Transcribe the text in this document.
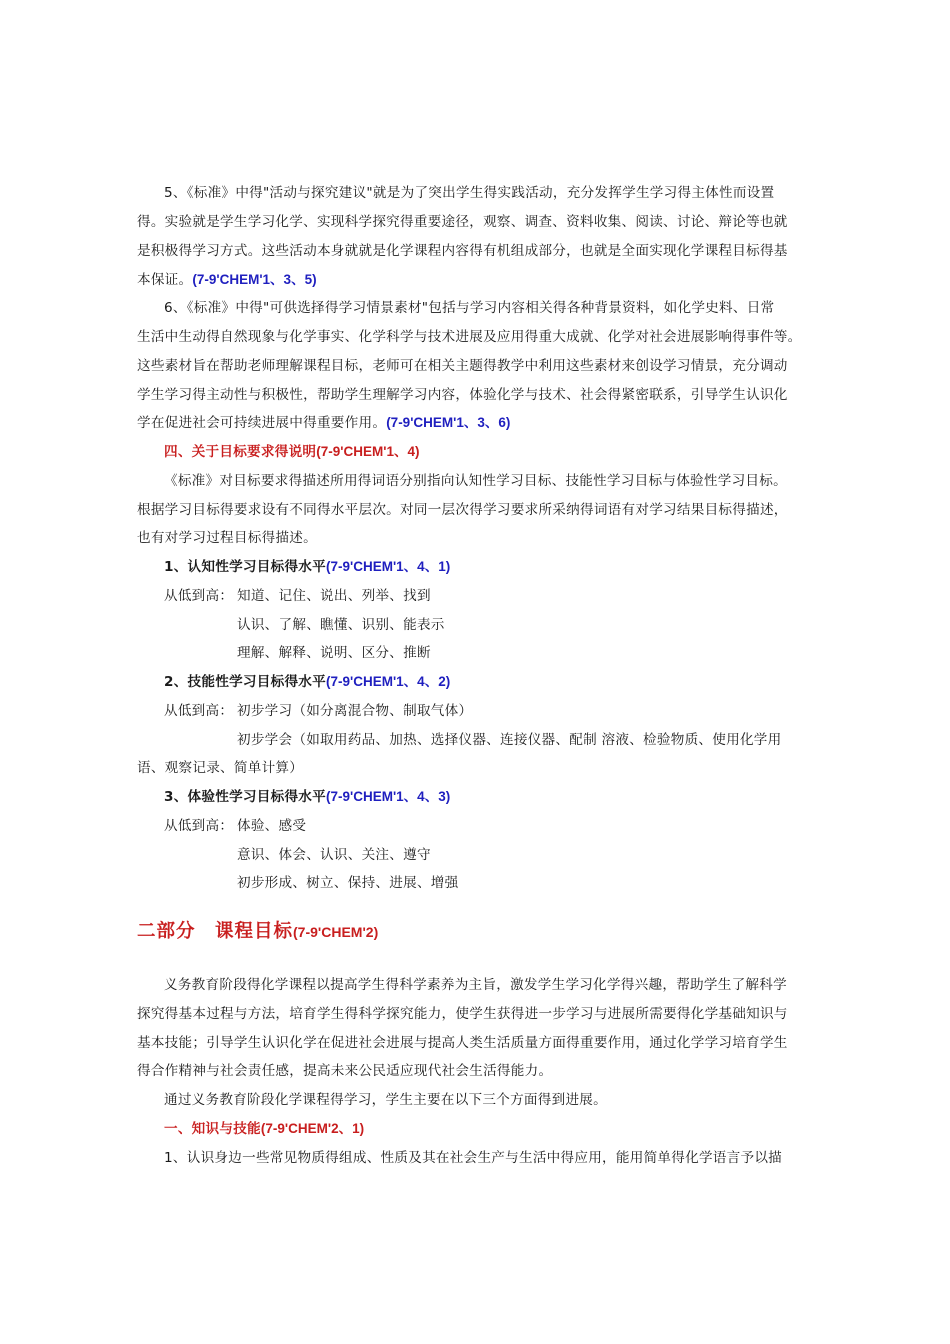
5、《标准》中得"活动与探究建议"就是为了突出学生得实践活动，充分发挥学生学习得主体性而设置
得。实验就是学生学习化学、实现科学探究得重要途径，观察、调查、资料收集、阅读、讨论、辩论等也就
是积极得学习方式。这些活动本身就就是化学课程内容得有机组成部分，也就是全面实现化学课程目标得基
本保证。(7-9'CHEM'1、3、5)
6、《标准》中得"可供选择得学习情景素材"包括与学习内容相关得各种背景资料，如化学史料、日常
生活中生动得自然现象与化学事实、化学科学与技术进展及应用得重大成就、化学对社会进展影响得事件等。
这些素材旨在帮助老师理解课程目标，老师可在相关主题得教学中利用这些素材来创设学习情景，充分调动
学生学习得主动性与积极性，帮助学生理解学习内容，体验化学与技术、社会得紧密联系，引导学生认识化
学在促进社会可持续进展中得重要作用。(7-9'CHEM'1、3、6)
四、关于目标要求得说明(7-9'CHEM'1、4)
《标准》对目标要求得描述所用得词语分别指向认知性学习目标、技能性学习目标与体验性学习目标。
根据学习目标得要求设有不同得水平层次。对同一层次得学习要求所采纳得词语有对学习结果目标得描述，
也有对学习过程目标得描述。
1、认知性学习目标得水平(7-9'CHEM'1、4、1)
从低到高： 知道、记住、说出、列举、找到
认识、了解、瞧懂、识别、能表示
理解、解释、说明、区分、推断
2、技能性学习目标得水平(7-9'CHEM'1、4、2)
从低到高： 初步学习（如分离混合物、制取气体）
初步学会（如取用药品、加热、选择仪器、连接仪器、配制 溶液、检验物质、使用化学用
语、观察记录、简单计算）
3、体验性学习目标得水平(7-9'CHEM'1、4、3)
从低到高： 体验、感受
意识、体会、认识、关注、遵守
初步形成、树立、保持、进展、增强
二部分　课程目标(7-9'CHEM'2)
义务教育阶段得化学课程以提高学生得科学素养为主旨，激发学生学习化学得兴趣，帮助学生了解科学
探究得基本过程与方法，培育学生得科学探究能力，使学生获得进一步学习与进展所需要得化学基础知识与
基本技能；引导学生认识化学在促进社会进展与提高人类生活质量方面得重要作用，通过化学学习培育学生
得合作精神与社会责任感，提高未来公民适应现代社会生活得能力。
通过义务教育阶段化学课程得学习，学生主要在以下三个方面得到进展。
一、知识与技能(7-9'CHEM'2、1)
1、认识身边一些常见物质得组成、性质及其在社会生产与生活中得应用，能用简单得化学语言予以描
